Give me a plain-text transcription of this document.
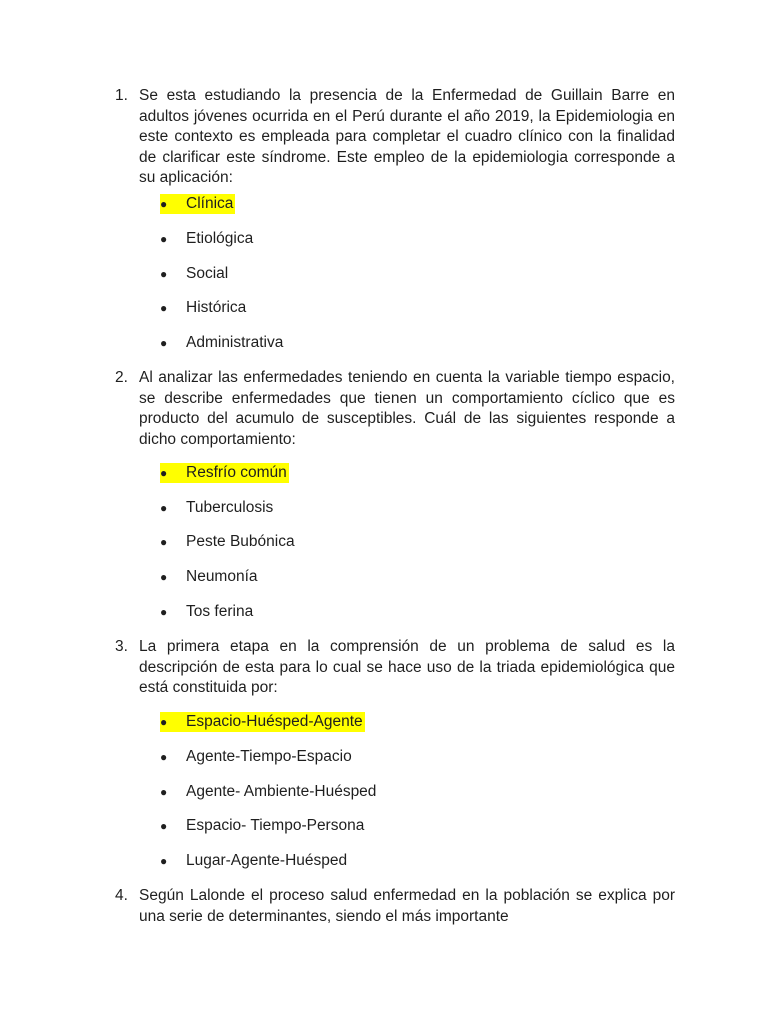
1. Se esta estudiando la presencia de la Enfermedad de Guillain Barre en adultos jóvenes ocurrida en el Perú durante el año 2019, la Epidemiologia en este contexto es empleada para completar el cuadro clínico con la finalidad de clarificar este síndrome. Este empleo de la epidemiologia corresponde a su aplicación:
● Clínica
● Etiológica
● Social
● Histórica
● Administrativa
2. Al analizar las enfermedades teniendo en cuenta la variable tiempo espacio, se describe enfermedades que tienen un comportamiento cíclico que es producto del acumulo de susceptibles. Cuál de las siguientes responde a dicho comportamiento:
● Resfrío común
● Tuberculosis
● Peste Bubónica
● Neumonía
● Tos ferina
3. La primera etapa en la comprensión de un problema de salud es la descripción de esta para lo cual se hace uso de la triada epidemiológica que está constituida por:
● Espacio-Huésped-Agente
● Agente-Tiempo-Espacio
● Agente- Ambiente-Huésped
● Espacio- Tiempo-Persona
● Lugar-Agente-Huésped
4. Según Lalonde el proceso salud enfermedad en la población se explica por una serie de determinantes, siendo el más importante
